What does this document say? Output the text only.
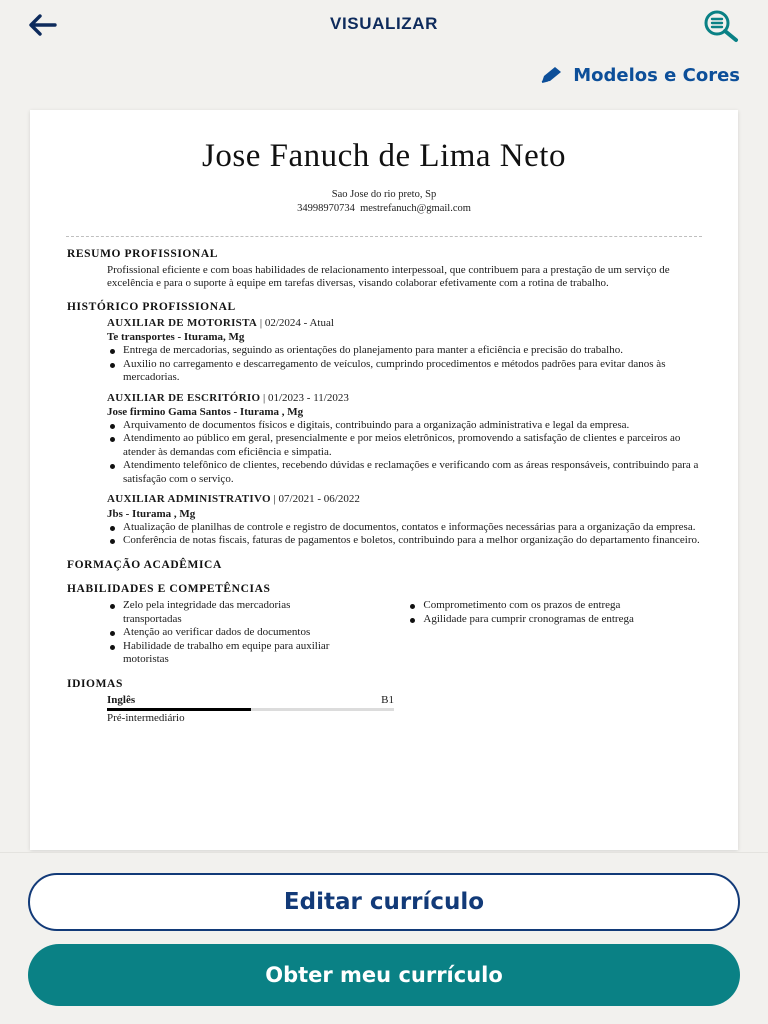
VISUALIZAR
Modelos e Cores
Jose Fanuch de Lima Neto
Sao Jose do rio preto, Sp
34998970734 mestrefanuch@gmail.com
RESUMO PROFISSIONAL
Profissional eficiente e com boas habilidades de relacionamento interpessoal, que contribuem para a prestação de um serviço de excelência e para o suporte à equipe em tarefas diversas, visando colaborar efetivamente com a rotina de trabalho.
HISTÓRICO PROFISSIONAL
AUXILIAR DE MOTORISTA | 02/2024 - Atual
Te transportes - Iturama, Mg
Entrega de mercadorias, seguindo as orientações do planejamento para manter a eficiência e precisão do trabalho.
Auxilio no carregamento e descarregamento de veículos, cumprindo procedimentos e métodos padrões para evitar danos às mercadorias.
AUXILIAR DE ESCRITÓRIO | 01/2023 - 11/2023
Jose firmino Gama Santos - Iturama , Mg
Arquivamento de documentos físicos e digitais, contribuindo para a organização administrativa e legal da empresa.
Atendimento ao público em geral, presencialmente e por meios eletrônicos, promovendo a satisfação de clientes e parceiros ao atender às demandas com eficiência e simpatia.
Atendimento telefônico de clientes, recebendo dúvidas e reclamações e verificando com as áreas responsáveis, contribuindo para a satisfação com o serviço.
AUXILIAR ADMINISTRATIVO | 07/2021 - 06/2022
Jbs - Iturama , Mg
Atualização de planilhas de controle e registro de documentos, contatos e informações necessárias para a organização da empresa.
Conferência de notas fiscais, faturas de pagamentos e boletos, contribuindo para a melhor organização do departamento financeiro.
FORMAÇÃO ACADÊMICA
HABILIDADES E COMPETÊNCIAS
Zelo pela integridade das mercadorias transportadas
Atenção ao verificar dados de documentos
Habilidade de trabalho em equipe para auxiliar motoristas
Comprometimento com os prazos de entrega
Agilidade para cumprir cronogramas de entrega
IDIOMAS
Inglês	B1
Pré-intermediário
Editar currículo
Obter meu currículo
